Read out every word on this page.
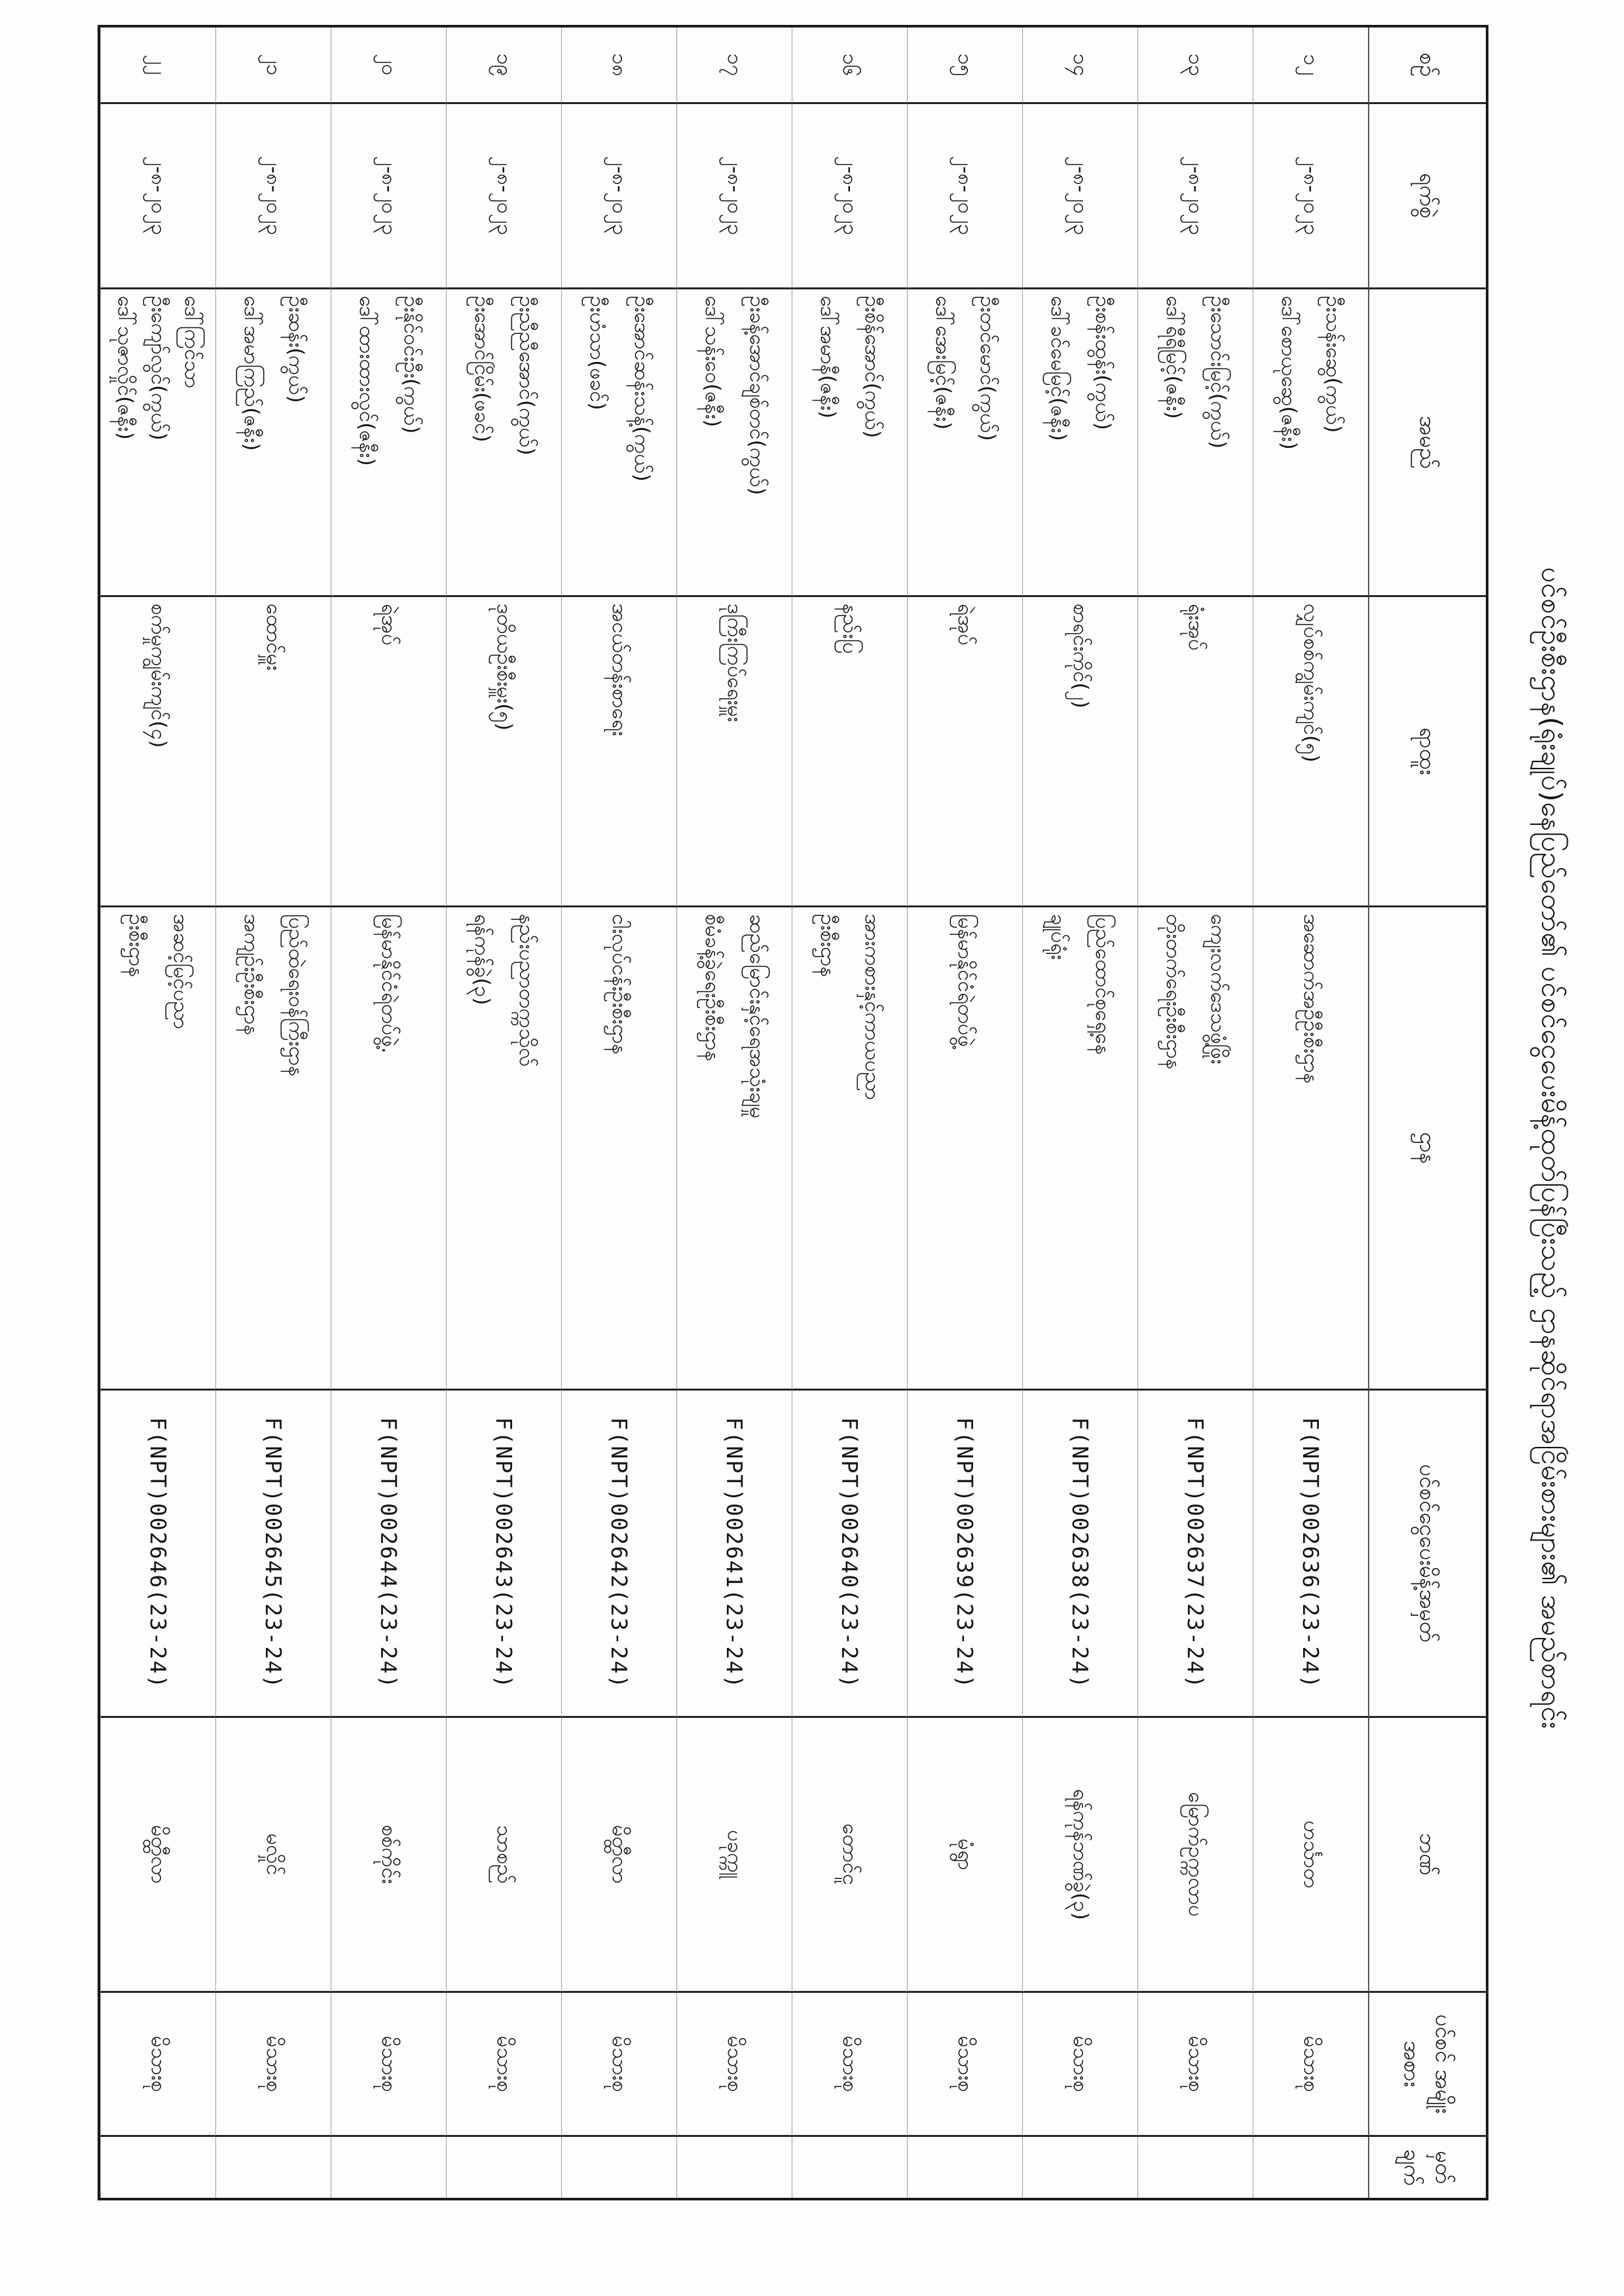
ပင်စင်ဦးစီးဌာန(ရုံးချုပ်)နေပြည်တော်၏ ပင်စင်ငွေပေးမိန့်ထုတ်ပြန်ပြီးသည့် ဌာနဆိုင်ရာအငြိမ်းစားများ၏ အမည်စာရင်း
စဉ်
ရက်စွဲ
အမည်
ရာထူး
ဌာန
ပင်စင်ငွေပေးမိန့်အမှတ်
ဘဏ်
ပင်စင် အမျိုးအစား
မှတ် ချက်
၁၂
၂-၈-၂၀၂၃
ဦးသန်းဆွေ(ကွယ်)
ဒေါ်စောယုဆွေ(ဇနီး)
လျှပ်စစ်ကျွမ်းကျင်(၅)
အဆောက်အဦဦးစီးဌာန
F(NPT)002636(23-24)
ဟင်္သာတ
မိသားစု
၁၃
၂-၈-၂၀၂၃
ဦးသောင်းမြင့်(ကွယ်)
ဒေါ်ရီရီမြင့်(ဇနီး)
ရုံးအုပ်
ကျေးလက်ဒေသဖွံ့ဖြိုး
တိုးတက်ရေးဦးစီးဌာန
F(NPT)002637(23-24)
မြောက်ဥက္ကလာပ
မိသားစု
၁၄
၂-၈-၂၀၂၃
ဦးစန်းထွန်း(ကွယ်)
ဒေါ်ခင်မေမြင့်(ဇနီး)
စာရင်းကိုင်(၂)
ပြည်ထောင်စုရှေ့နေ
ချုပ်ရုံး
F(NPT)002638(23-24)
ရန်ကုန်ဘဏ်ခွဲ(၃)
မိသားစု
၁၅
၂-၈-၂၀၂၃
ဦးတင်မောင်(ကွယ်)
ဒေါ်အေးမြင့်(ဇနီး)
ရဲအုပ်
မြန်မာနိုင်ငံရဲတပ်ဖွဲ့
F(NPT)002639(23-24)
မုံရွာ
မိသားစု
၁၆
၂-၈-၂၀၂၃
ဦးစိန်အောင်(ကွယ်)
ဒေါ်အမာနီ(ဇနီး)
နည်းပြ
အားကစားနှင့်ကာယပညာ
ဦးစီးဌာန
F(NPT)002640(23-24)
တောင်ငူ
မိသားစု
၁၇
၂-၈-၂၀၂၃
ဦးခန့်အောင်ချစ်တင်(ကွယ်)
ဒေါ်သန်းဝေ(ဇနီး)
ဒုကြီးကြပ်ရေးမှူး
ဆည်မြောင်းနှင့်ရေအသုံးချမှု
စီမံခန့်ခွဲရေးဦးစီးဌာန
F(NPT)002641(23-24)
ပခုက္ကူ
မိသားစု
၁၈
၂-၈-၂၀၂၃
ဦးအောင်ဆန်းသန့်(ကွယ်)
ဦးဟံသာ(ဖခင်)
အငယ်တန်းစာရေး
ငါးလုပ်ငန်းဦးစီးဌာန
F(NPT)002642(23-24)
မိတ္ထီလာ
မိသားစု
၁၉
၂-၈-၂၀၂၃
ဦးညီညီအောင်(ကွယ်)
ဦးအောင်ငြိမ်း(ဖခင်)
ဒုတိယဦးစီးမှူး(၅)
နည်းပညာတက္ကသိုလ်
ရန်ကုန်ခွဲ(၃)
F(NPT)002643(23-24)
သာစည်
မိသားစု
၂၀
၂-၈-၂၀၂၃
ဦးနိုင်ဝင်းဦး(ကွယ်)
ဒေါ်ထားထားလွင်(ဇနီး)
ရဲအုပ်
မြန်မာနိုင်ငံရဲတပ်ဖွဲ့.
F(NPT)002644(23-24)
စစ်ကိုင်း
မိသားစု
၂၁
၂-၈-၂၀၂၃
ဦးဆန်း(ကွယ်)
ဒေါ်အမာကြည်(ဇနီး)
ထောင်မှူး
ပြည်ထဲရေးဝန်ကြီးဌာန
အကျဉ်းဦးစီးဌာန
F(NPT)002645(23-24)
မလှိုင်
မိသားစု
၂၂
၂-၈-၂၀၂၃
ဒေါ်ကြင်သာ
ဦးကျော်လွင်(ကွယ်)
ဒေါ်သုဇာလှိုင်(ဇနီး)
စက်မှုကျွမ်းကျင်(၄)
အဆင့်မြင့်ပညာ
ဦးစီးဌာန
F(NPT)002646(23-24)
မိတ္ထီလာ
မိသားစု
